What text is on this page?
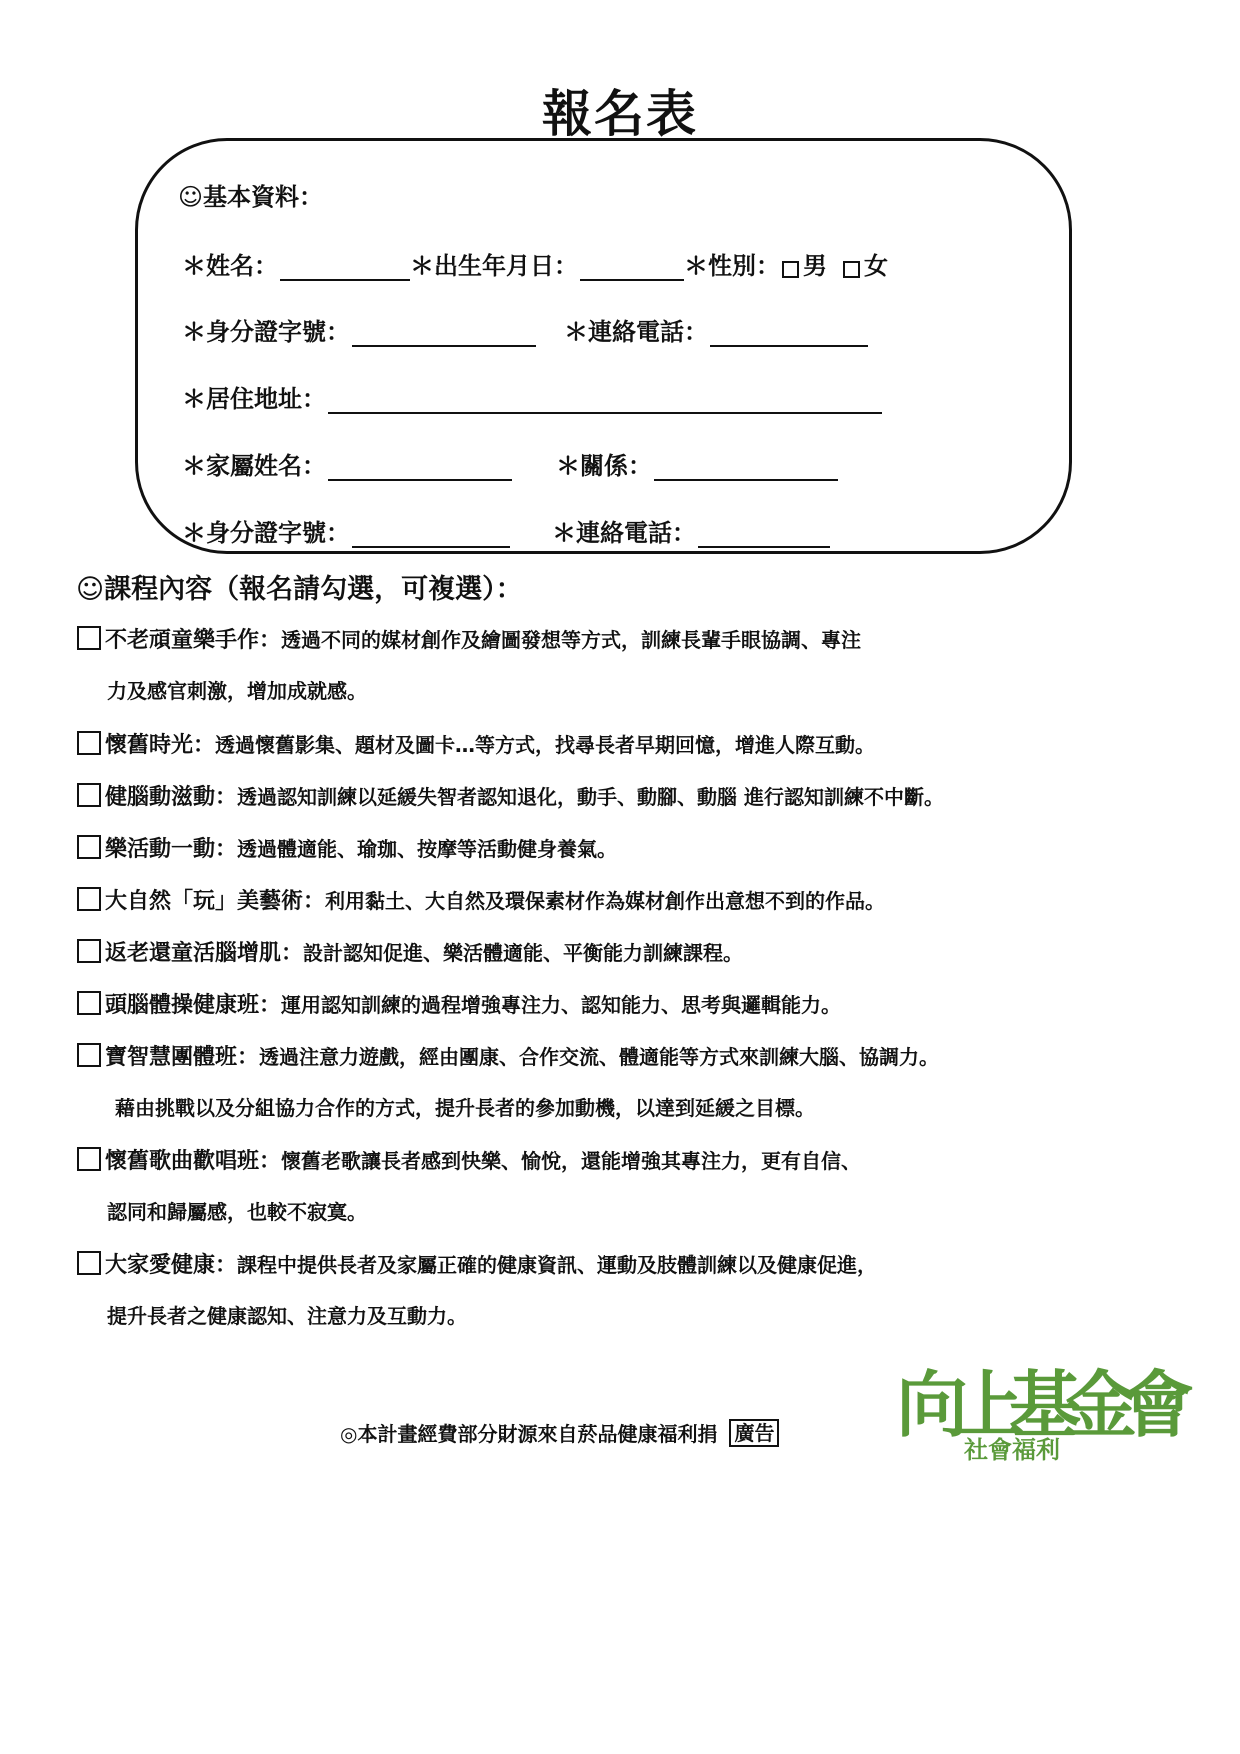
報名表
☺基本資料：
＊姓名：	＊出生年月日：	＊性別： 男 女
＊身分證字號：	＊連絡電話：
＊居住地址：
＊家屬姓名：	＊關係：
＊身分證字號：	＊連絡電話：
☺課程內容（報名請勾選，可複選）：
不老頑童樂手作： 透過不同的媒材創作及繪圖發想等方式，訓練長輩手眼協調、專注
力及感官刺激，增加成就感。
懷舊時光： 透過懷舊影集、題材及圖卡…等方式，找尋長者早期回憶，增進人際互動。
健腦動滋動： 透過認知訓練以延緩失智者認知退化，動手、動腳、動腦 進行認知訓練不中斷。
樂活動一動： 透過體適能、瑜珈、按摩等活動健身養氣。
大自然「玩」美藝術： 利用黏土、大自然及環保素材作為媒材創作出意想不到的作品。
返老還童活腦增肌： 設計認知促進、樂活體適能、平衡能力訓練課程。
頭腦體操健康班： 運用認知訓練的過程增強專注力、認知能力、思考與邏輯能力。
寶智慧團體班： 透過注意力遊戲，經由團康、合作交流、體適能等方式來訓練大腦、協調力。
藉由挑戰以及分組協力合作的方式，提升長者的參加動機，以達到延緩之目標。
懷舊歌曲歡唱班： 懷舊老歌讓長者感到快樂、愉悅，還能增強其專注力，更有自信、
認同和歸屬感，也較不寂寞。
大家愛健康： 課程中提供長者及家屬正確的健康資訊、運動及肢體訓練以及健康促進，
提升長者之健康認知、注意力及互動力。
◎本計畫經費部分財源來自菸品健康福利捐 廣告 向上基金會
社會福利
